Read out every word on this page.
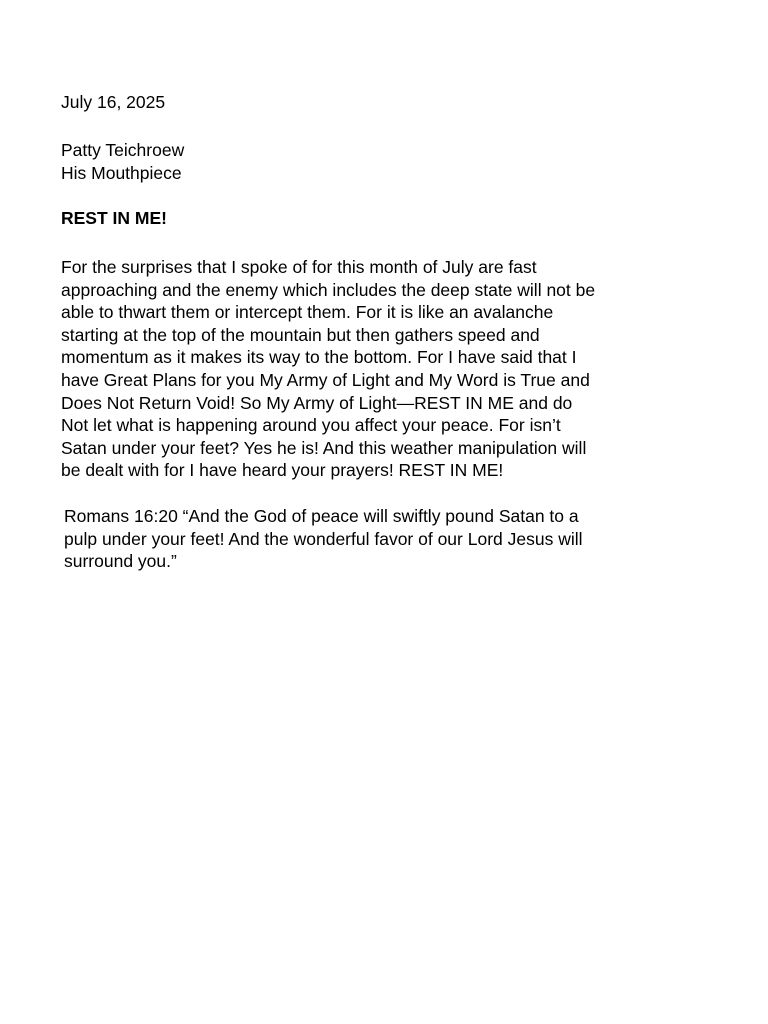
July 16, 2025

Patty Teichroew
His Mouthpiece

REST IN ME!

For the surprises that I spoke of for this month of July are fast
approaching and the enemy which includes the deep state will not be
able to thwart them or intercept them. For it is like an avalanche
starting at the top of the mountain but then gathers speed and
momentum as it makes its way to the bottom. For I have said that I
have Great Plans for you My Army of Light and My Word is True and
Does Not Return Void! So My Army of Light—REST IN ME and do
Not let what is happening around you affect your peace. For isn’t
Satan under your feet? Yes he is! And this weather manipulation will
be dealt with for I have heard your prayers! REST IN ME!
Romans 16:20 “And the God of peace will swiftly pound Satan to a
pulp under your feet! And the wonderful favor of our Lord Jesus will
surround you.”
